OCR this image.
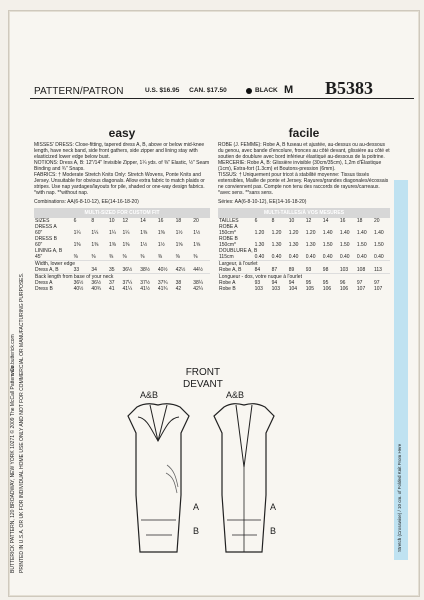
BUTTERICK PATTERN, 120 BROADWAY, NEW YORK 10271 © 2009 The McCall Pattern Co. PRINTED IN U.S.A. OR UK FOR INDIVIDUAL HOME USE ONLY AND NOT FOR COMMERCIAL OR MANUFACTURING PURPOSES.
www.butterick.com
PATTERN/PATRON	U.S. $16.95 CAN. $17.50	BLACK M B5383
easy
MISSES' DRESS: Close-fitting, tapered dress A, B, above or below mid-knee length, have neck band, side front gathers, side zipper and lining stay with elasticized lower edge below bust.
NOTIONS: Dress A, B: 12"/14" Invisible Zipper, 1¼ yds. of ⅜" Elastic, ½" Seam Binding and ¾" Snaps.
FABRICS: † Moderate Stretch Knits Only: Stretch Wovens, Ponte Knits and Jersey. Unsuitable for obvious diagonals. Allow extra fabric to match plaids or stripes. Use nap yardages/layouts for pile, shaded or one-way design fabrics. *with nap. **without nap.
Combinations: AA(6-8-10-12), EE(14-16-18-20)
MULTI-SIZED FOR CUSTOM FIT
SIZES	6	8	10	12	14	16	18	20
DRESS A								
60"	1¼	1¼	1¼	1¼	1⅜	1⅜	1½	1½
DRESS B								
60"	1⅜	1⅜	1⅜	1⅜	1½	1½	1⅝	1⅝
LINING A, B								
45"	⅜	⅜	⅜	⅜	⅜	⅜	⅜	⅜
Width, lower edge								
Dress A, B	33	34	35	36½	38½	40½	42½	44½
Back length from base of your neck								
Dress A	36½	36½	37	37¼	37½	37¾	38	38¼
Dress B	40½	40¾	41	41¼	41½	41¾	42	42¼
facile
ROBE (J. FEMME): Robe A, B fuseau et ajustée, au-dessus ou au-dessous du genou, avec bande d'encolure, fronces au côté devant, glissière au côté et soutien de doublure avec bord inférieur élastiqué au-dessous de la poitrine.
MERCERIE: Robe A, B: Glissière invisible (30cm/35cm), 1,2m d'Élastique (1cm), Extra-fort (1.3cm) et Boutons-pression (6mm).
TISSUS: † Uniquement pour tricot à stabilité moyenne: Tissus tissés extensibles, Maille de ponte et Jersey. Rayures/grandes diagonales/écossais ne conviennent pas. Compte non tenu des raccords de rayures/carreaux. *avec sens. **sans sens.
Séries: AA(6-8-10-12), EE(14-16-18-20)
MULTI-TAILLES/À VOS MESURES
TAILLES	6	8	10	12	14	16	18	20
ROBE A								
150cm*	1.20	1.20	1.20	1.20	1.40	1.40	1.40	1.40
ROBE B								
150cm*	1.30	1.30	1.30	1.30	1.50	1.50	1.50	1.50
DOUBLURE A, B								
115cm	0.40	0.40	0.40	0.40	0.40	0.40	0.40	0.40
Largeur, à l'ourlet								
Robe A, B	84	87	89	93	98	103	108	113
Longueur - dos, votre nuque à l'ourlet								
Robe A	93	94	94	95	95	96	97	97
Robe B	103	103	104	105	106	106	107	107
Stretch (Crosswise) / 10 cm. of Folded Knit From Here
FRONT
DEVANT
A&B	A&B
A
B
A
B
